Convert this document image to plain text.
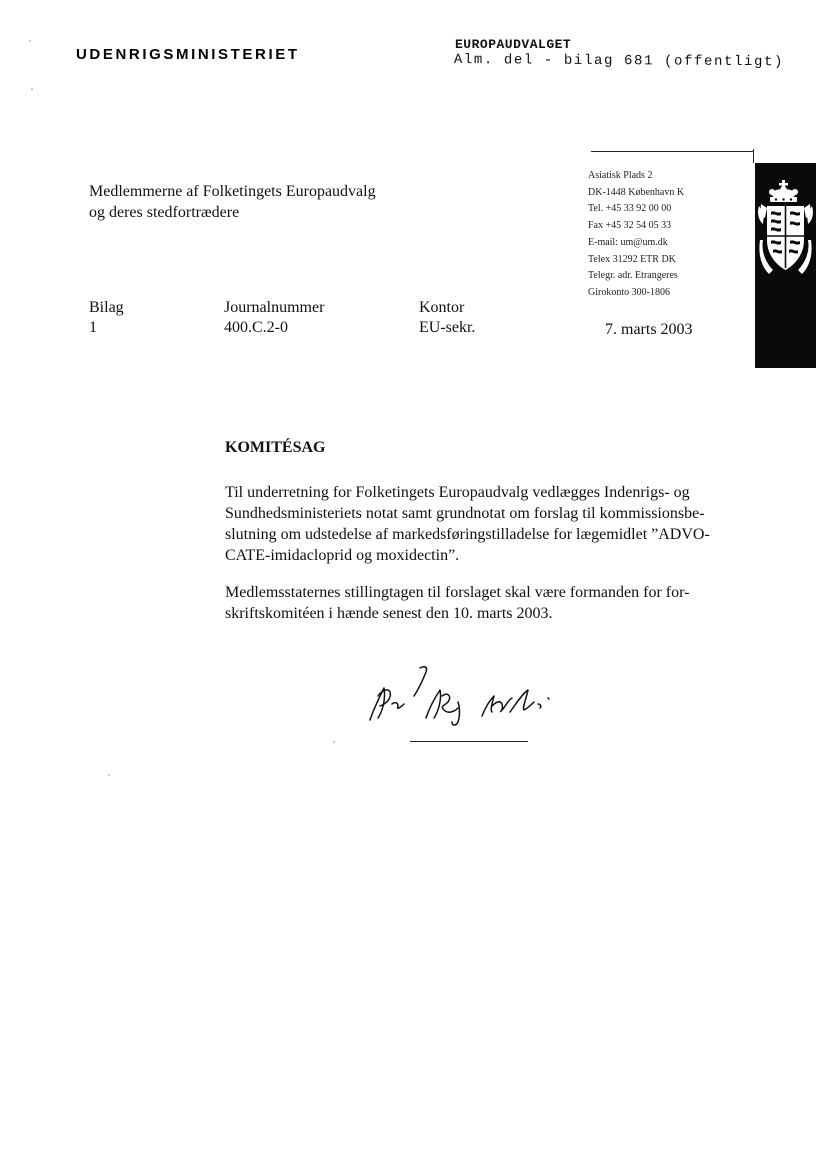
UDENRIGSMINISTERIET
EUROPAUDVALGET
Alm. del - bilag 681 (offentligt)
Medlemmerne af Folketingets Europaudvalg
og deres stedfortrædere
Asiatisk Plads 2
DK-1448 København K
Tel. +45 33 92 00 00
Fax +45 32 54 05 33
E-mail: um@um.dk
Telex 31292 ETR DK
Telegr. adr. Etrangeres
Girokonto 300-1806
Bilag
1
Journalnummer
400.C.2-0
Kontor
EU-sekr.	7. marts 2003
KOMITÉSAG
Til underretning for Folketingets Europaudvalg vedlægges Indenrigs- og
Sundhedsministeriets notat samt grundnotat om forslag til kommissionsbe-
slutning om udstedelse af markedsføringstilladelse for lægemidlet ”ADVO-
CATE-imidacloprid og moxidectin”.
Medlemsstaternes stillingtagen til forslaget skal være formanden for for-
skriftskomitéen i hænde senest den 10. marts 2003.
